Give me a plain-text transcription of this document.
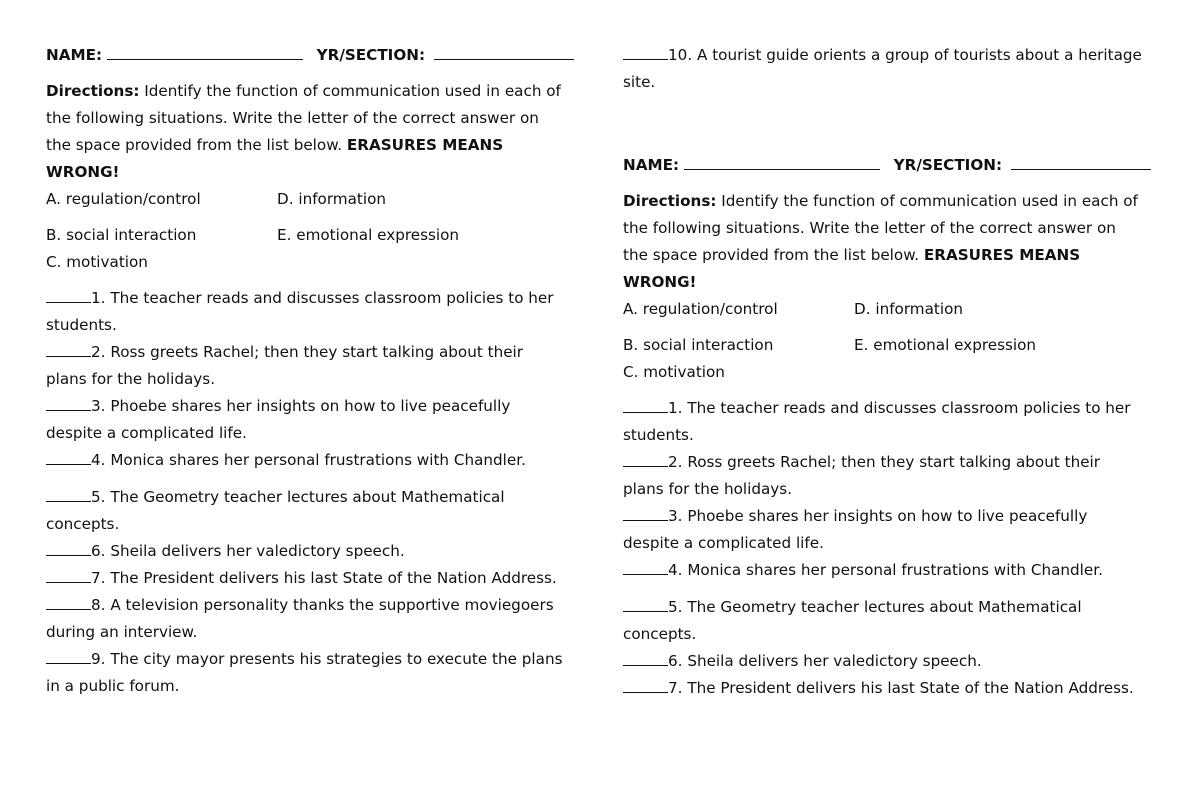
NAME:	YR/SECTION:
Directions: Identify the function of communication used in each of
the following situations. Write the letter of the correct answer on
the space provided from the list below. ERASURES MEANS
WRONG!
A. regulation/control	D. information
B. social interaction	E. emotional expression
C. motivation
1. The teacher reads and discusses classroom policies to her
students.
2. Ross greets Rachel; then they start talking about their
plans for the holidays.
3. Phoebe shares her insights on how to live peacefully
despite a complicated life.
4. Monica shares her personal frustrations with Chandler.
5. The Geometry teacher lectures about Mathematical
concepts.
6. Sheila delivers her valedictory speech.
7. The President delivers his last State of the Nation Address.
8. A television personality thanks the supportive moviegoers
during an interview.
9. The city mayor presents his strategies to execute the plans
in a public forum.
10. A tourist guide orients a group of tourists about a heritage
site.
NAME:	YR/SECTION:
Directions: Identify the function of communication used in each of
the following situations. Write the letter of the correct answer on
the space provided from the list below. ERASURES MEANS
WRONG!
A. regulation/control	D. information
B. social interaction	E. emotional expression
C. motivation
1. The teacher reads and discusses classroom policies to her
students.
2. Ross greets Rachel; then they start talking about their
plans for the holidays.
3. Phoebe shares her insights on how to live peacefully
despite a complicated life.
4. Monica shares her personal frustrations with Chandler.
5. The Geometry teacher lectures about Mathematical
concepts.
6. Sheila delivers her valedictory speech.
7. The President delivers his last State of the Nation Address.
